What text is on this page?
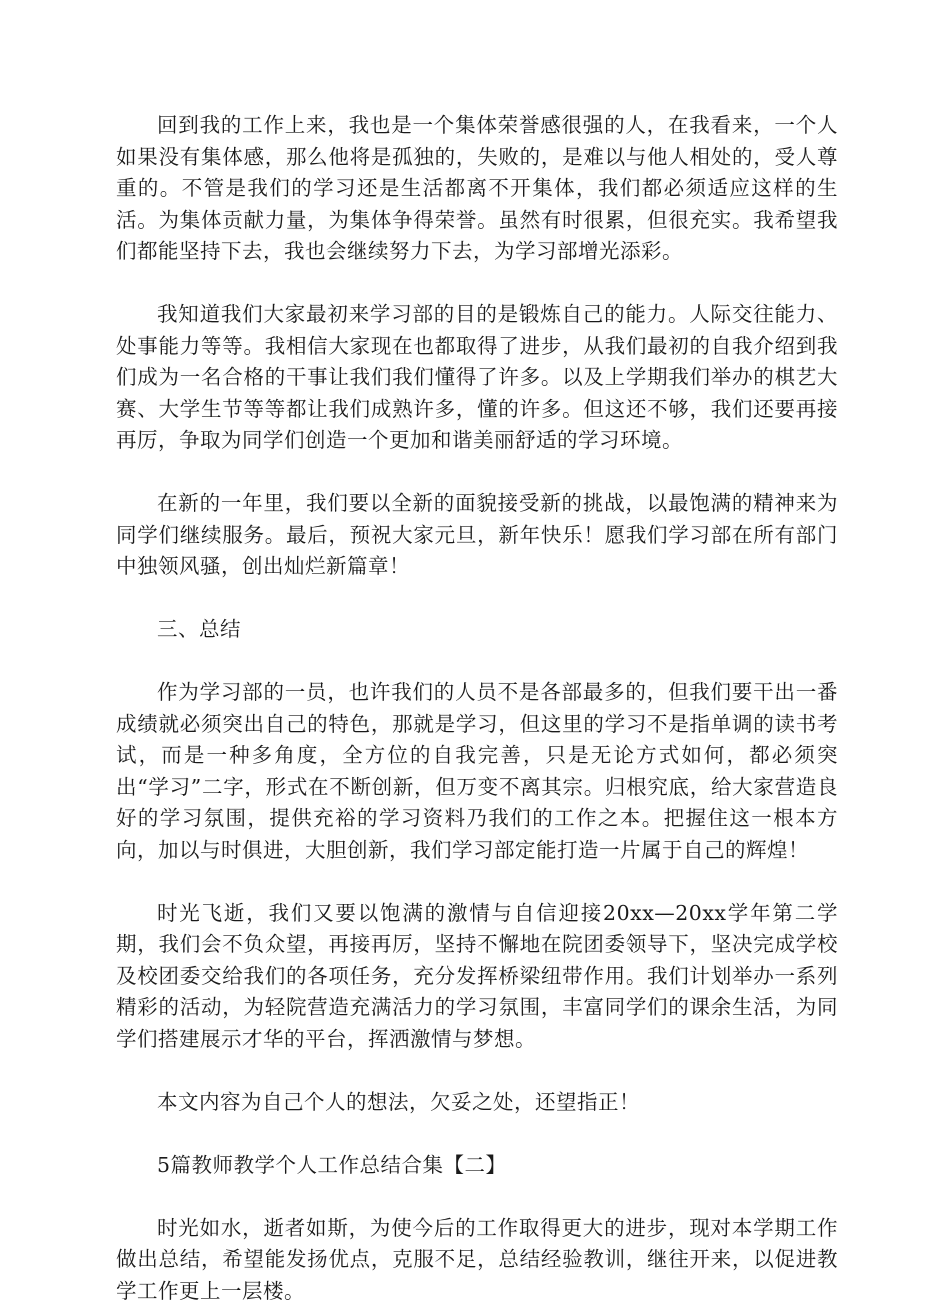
回到我的工作上来，我也是一个集体荣誉感很强的人，在我看来，一个人如果没有集体感，那么他将是孤独的，失败的，是难以与他人相处的，受人尊重的。不管是我们的学习还是生活都离不开集体，我们都必须适应这样的生活。为集体贡献力量，为集体争得荣誉。虽然有时很累，但很充实。我希望我们都能坚持下去，我也会继续努力下去，为学习部增光添彩。

我知道我们大家最初来学习部的目的是锻炼自己的能力。人际交往能力、处事能力等等。我相信大家现在也都取得了进步，从我们最初的自我介绍到我们成为一名合格的干事让我们我们懂得了许多。以及上学期我们举办的棋艺大赛、大学生节等等都让我们成熟许多，懂的许多。但这还不够，我们还要再接再厉，争取为同学们创造一个更加和谐美丽舒适的学习环境。

在新的一年里，我们要以全新的面貌接受新的挑战，以最饱满的精神来为同学们继续服务。最后，预祝大家元旦，新年快乐！愿我们学习部在所有部门中独领风骚，创出灿烂新篇章！

三、总结

作为学习部的一员，也许我们的人员不是各部最多的，但我们要干出一番成绩就必须突出自己的特色，那就是学习，但这里的学习不是指单调的读书考试，而是一种多角度，全方位的自我完善，只是无论方式如何，都必须突出“学习”二字，形式在不断创新，但万变不离其宗。归根究底，给大家营造良好的学习氛围，提供充裕的学习资料乃我们的工作之本。把握住这一根本方向，加以与时俱进，大胆创新，我们学习部定能打造一片属于自己的辉煌！

时光飞逝，我们又要以饱满的激情与自信迎接20xx—20xx学年第二学期，我们会不负众望，再接再厉，坚持不懈地在院团委领导下，坚决完成学校及校团委交给我们的各项任务，充分发挥桥梁纽带作用。我们计划举办一系列精彩的活动，为轻院营造充满活力的学习氛围，丰富同学们的课余生活，为同学们搭建展示才华的平台，挥洒激情与梦想。

本文内容为自己个人的想法，欠妥之处，还望指正！

5篇教师教学个人工作总结合集【二】

时光如水，逝者如斯，为使今后的工作取得更大的进步，现对本学期工作做出总结，希望能发扬优点，克服不足，总结经验教训，继往开来，以促进教学工作更上一层楼。
